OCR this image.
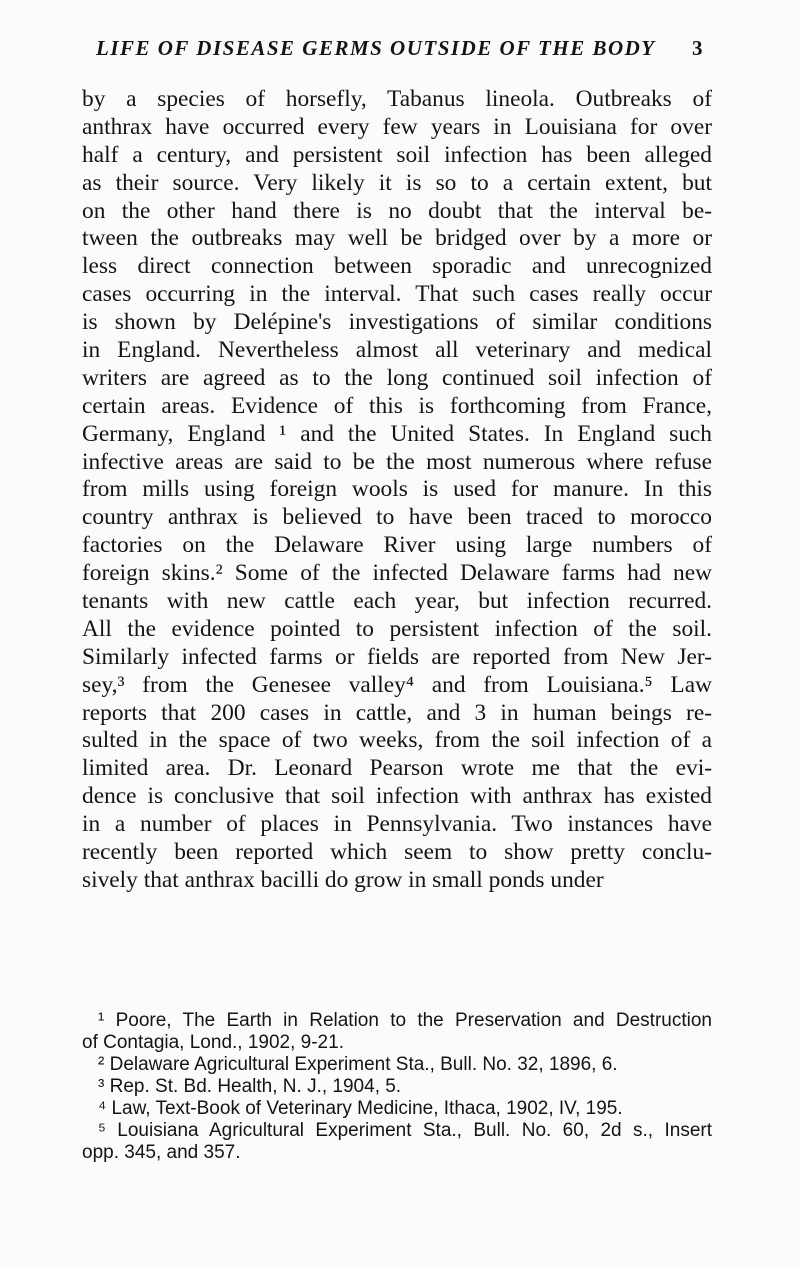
LIFE OF DISEASE GERMS OUTSIDE OF THE BODY 3
by a species of horsefly, Tabanus lineola. Outbreaks of
anthrax have occurred every few years in Louisiana for over
half a century, and persistent soil infection has been alleged
as their source. Very likely it is so to a certain extent, but
on the other hand there is no doubt that the interval be-
tween the outbreaks may well be bridged over by a more or
less direct connection between sporadic and unrecognized
cases occurring in the interval. That such cases really occur
is shown by Delépine's investigations of similar conditions
in England. Nevertheless almost all veterinary and medical
writers are agreed as to the long continued soil infection of
certain areas. Evidence of this is forthcoming from France,
Germany, England ¹ and the United States. In England such
infective areas are said to be the most numerous where refuse
from mills using foreign wools is used for manure. In this
country anthrax is believed to have been traced to morocco
factories on the Delaware River using large numbers of
foreign skins.² Some of the infected Delaware farms had new
tenants with new cattle each year, but infection recurred.
All the evidence pointed to persistent infection of the soil.
Similarly infected farms or fields are reported from New Jer-
sey,³ from the Genesee valley⁴ and from Louisiana.⁵ Law
reports that 200 cases in cattle, and 3 in human beings re-
sulted in the space of two weeks, from the soil infection of a
limited area. Dr. Leonard Pearson wrote me that the evi-
dence is conclusive that soil infection with anthrax has existed
in a number of places in Pennsylvania. Two instances have
recently been reported which seem to show pretty conclu-
sively that anthrax bacilli do grow in small ponds under
¹ Poore, The Earth in Relation to the Preservation and Destruction
of Contagia, Lond., 1902, 9-21.
² Delaware Agricultural Experiment Sta., Bull. No. 32, 1896, 6.
³ Rep. St. Bd. Health, N. J., 1904, 5.
⁴ Law, Text-Book of Veterinary Medicine, Ithaca, 1902, IV, 195.
⁵ Louisiana Agricultural Experiment Sta., Bull. No. 60, 2d s., Insert
opp. 345, and 357.
